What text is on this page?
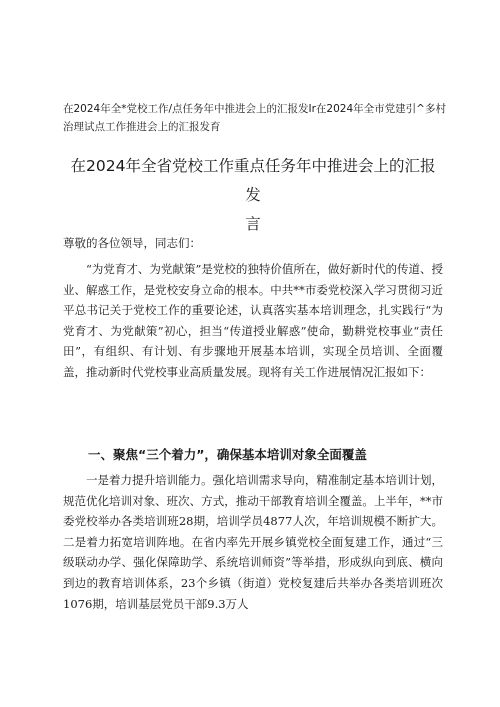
在2024年全*党校工作/点任务年中推进会上的汇报发Ir在2024年全市党建引^多村
治理试点工作推进会上的汇报发育
在2024年全省党校工作重点任务年中推进会上的汇报发
言
尊敬的各位领导，同志们：
“为党育才、为党献策”是党校的独特价值所在，做好新时代的传道、授业、解惑工作，是党校安身立命的根本。中共**市委党校深入学习贯彻习近平总书记关于党校工作的重要论述，认真落实基本培训理念，扎实践行“为党育才、为党献策”初心，担当“传道授业解惑”使命，勤耕党校事业“责任田”，有组织、有计划、有步骤地开展基本培训，实现全员培训、全面覆盖，推动新时代党校事业高质量发展。现将有关工作进展情况汇报如下：
一、聚焦“三个着力”，确保基本培训对象全面覆盖
一是着力提升培训能力。强化培训需求导向，精准制定基本培训计划，规范优化培训对象、班次、方式，推动干部教育培训全覆盖。上半年，**市委党校举办各类培训班28期，培训学员4877人次，年培训规模不断扩大。二是着力拓宽培训阵地。在省内率先开展乡镇党校全面复建工作，通过“三级联动办学、强化保障助学、系统培训师资”等举措，形成纵向到底、横向到边的教育培训体系，23个乡镇（街道）党校复建后共举办各类培训班次1076期，培训基层党员干部9.3万人
